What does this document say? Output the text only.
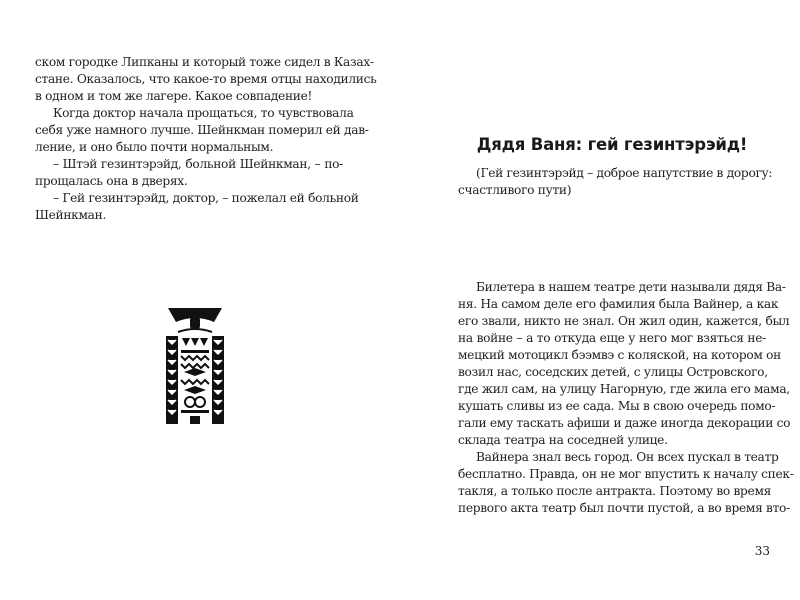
ском городке Липканы и который тоже сидел в Казах-
стане. Оказалось, что какое-то время отцы находились
в одном и том же лагере. Какое совпадение!
Когда доктор начала прощаться, то чувствовала
себя уже намного лучше. Шейнкман померил ей дав-
ление, и оно было почти нормальным.
– Штэй гезинтэрэйд, больной Шейнкман, – по-
прощалась она в дверях.
– Гей гезинтэрэйд, доктор, – пожелал ей больной
Шейнкман.
Дядя Ваня: гей гезинтэрэйд!
(Гей гезинтэрэйд – доброе напутствие в дорогу:
счастливого пути)
Билетера в нашем театре дети называли дядя Ва-
ня. На самом деле его фамилия была Вайнер, а как
его звали, никто не знал. Он жил один, кажется, был
на войне – а то откуда еще у него мог взяться не-
мецкий мотоцикл бээмвэ с коляской, на котором он
возил нас, соседских детей, с улицы Островского,
где жил сам, на улицу Нагорную, где жила его мама,
кушать сливы из ее сада. Мы в свою очередь помо-
гали ему таскать афиши и даже иногда декорации со
склада театра на соседней улице.
Вайнера знал весь город. Он всех пускал в театр
бесплатно. Правда, он не мог впустить к началу спек-
такля, а только после антракта. Поэтому во время
первого акта театр был почти пустой, а во время вто-
33
